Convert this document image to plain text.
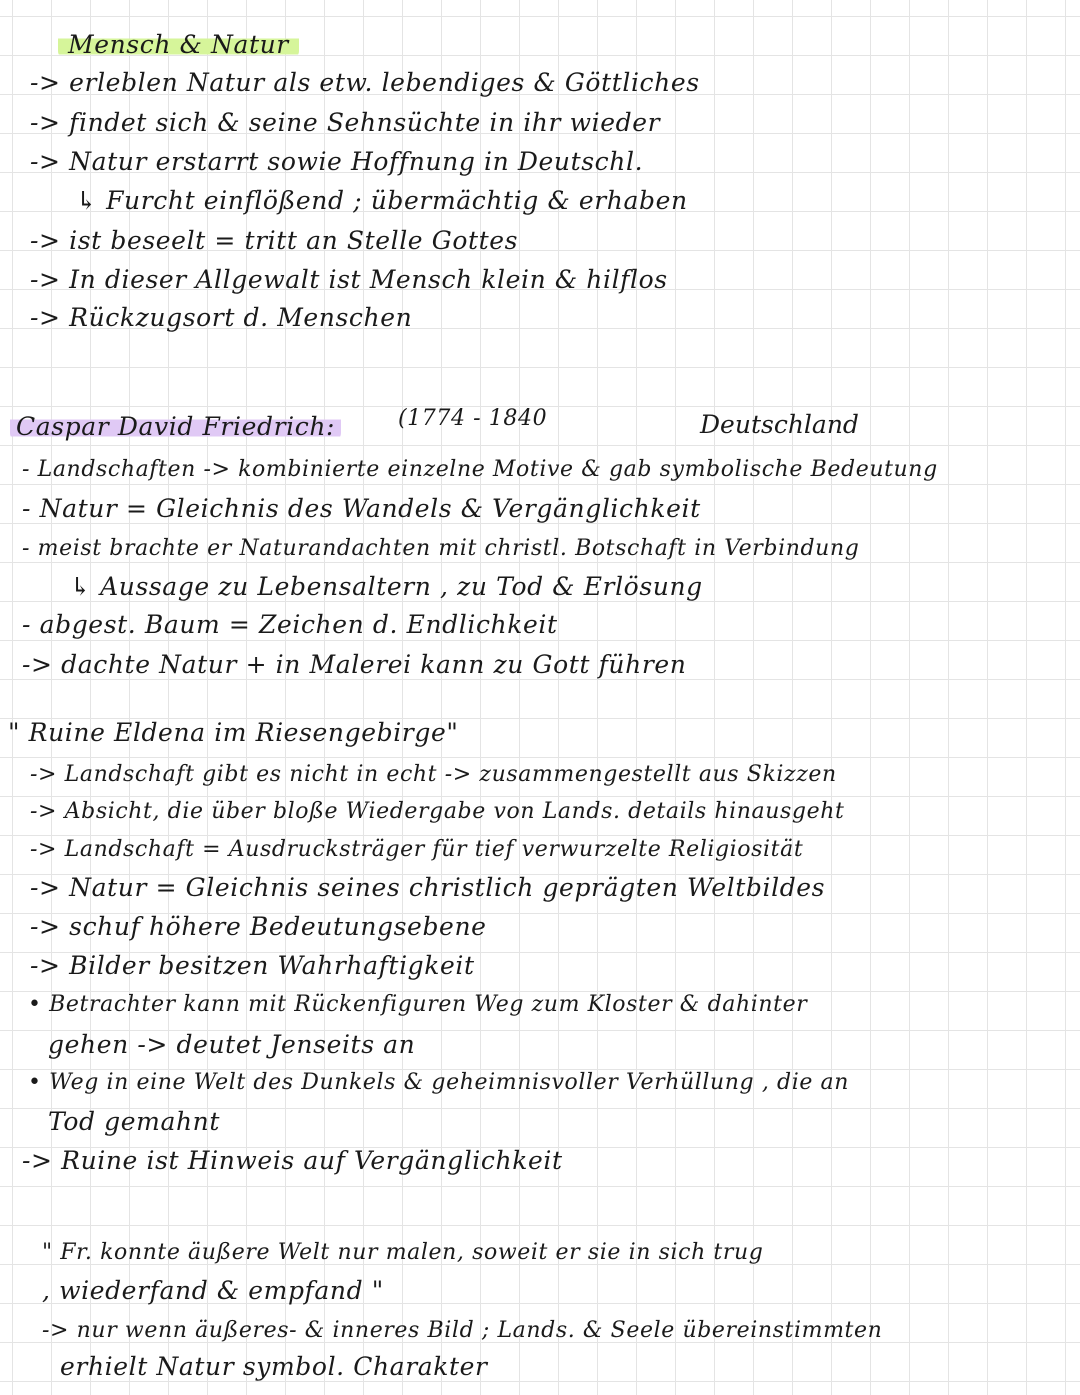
Mensch & Natur
-> erleblen Natur als etw. lebendiges & Göttliches
-> findet sich & seine Sehnsüchte in ihr wieder
-> Natur erstarrt sowie Hoffnung in Deutschl.
↳ Furcht einflößend ; übermächtig & erhaben
-> ist beseelt = tritt an Stelle Gottes
-> In dieser Allgewalt ist Mensch klein & hilflos
-> Rückzugsort d. Menschen
Caspar David Friedrich:	(1774 - 1840	Deutschland
- Landschaften -> kombinierte einzelne Motive & gab symbolische Bedeutung
- Natur = Gleichnis des Wandels & Vergänglichkeit
- meist brachte er Naturandachten mit christl. Botschaft in Verbindung
↳ Aussage zu Lebensaltern , zu Tod & Erlösung
- abgest. Baum = Zeichen d. Endlichkeit
-> dachte Natur + in Malerei kann zu Gott führen
" Ruine Eldena im Riesengebirge"
-> Landschaft gibt es nicht in echt -> zusammengestellt aus Skizzen
-> Absicht, die über bloße Wiedergabe von Lands. details hinausgeht
-> Landschaft = Ausdrucksträger für tief verwurzelte Religiosität
-> Natur = Gleichnis seines christlich geprägten Weltbildes
-> schuf höhere Bedeutungsebene
-> Bilder besitzen Wahrhaftigkeit
• Betrachter kann mit Rückenfiguren Weg zum Kloster & dahinter
gehen -> deutet Jenseits an
• Weg in eine Welt des Dunkels & geheimnisvoller Verhüllung , die an
Tod gemahnt
-> Ruine ist Hinweis auf Vergänglichkeit
" Fr. konnte äußere Welt nur malen, soweit er sie in sich trug
, wiederfand & empfand "
-> nur wenn äußeres- & inneres Bild ; Lands. & Seele übereinstimmten
erhielt Natur symbol. Charakter
